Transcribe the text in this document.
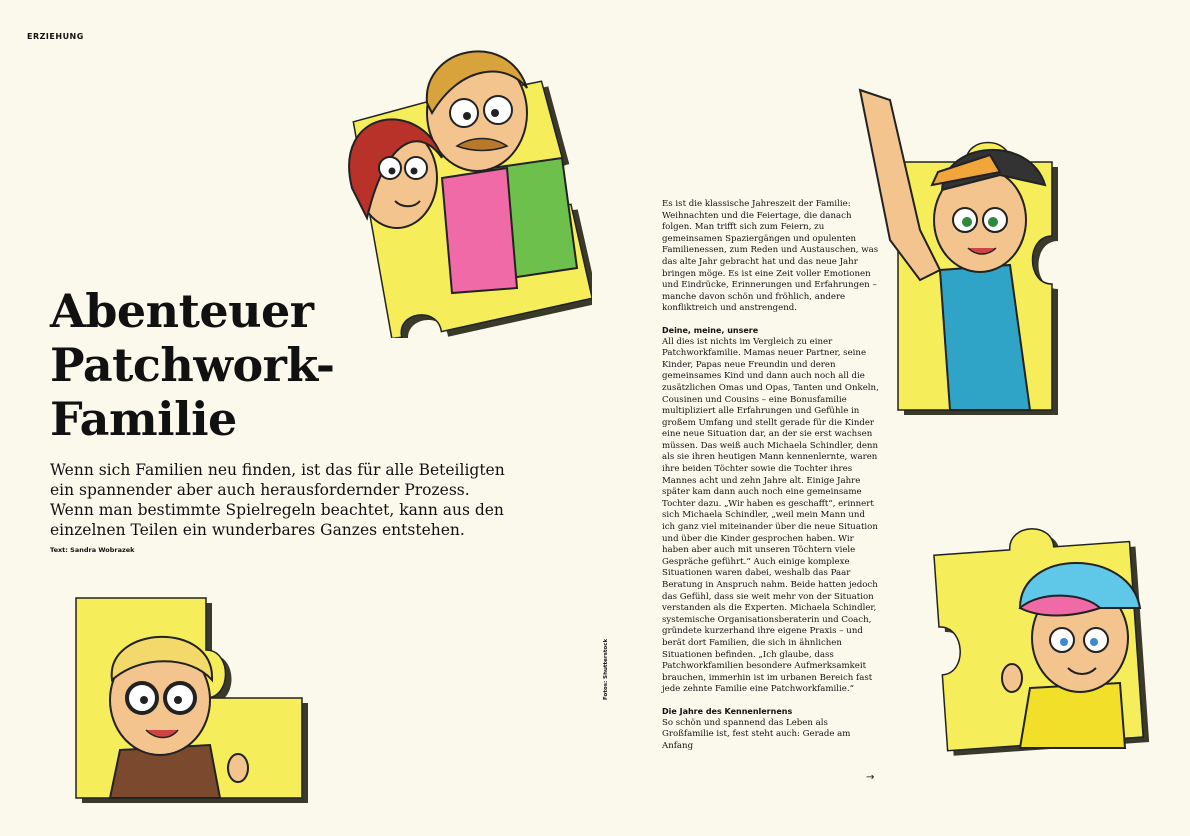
ERZIEHUNG
Abenteuer
Patchwork-
Familie

Wenn sich Familien neu finden, ist das für alle Beteiligten ein spannender aber auch herausfordernder Prozess. Wenn man bestimmte Spielregeln beachtet, kann aus den einzelnen Teilen ein wunderbares Ganzes entstehen.

Text: Sandra Wobrazek
Fotos: Shutterstock

Es ist die klassische Jahreszeit der Familie: Weihnachten und die Feiertage, die danach folgen. Man trifft sich zum Feiern, zu gemeinsamen Spaziergängen und opulenten Familienessen, zum Reden und Austauschen, was das alte Jahr gebracht hat und das neue Jahr bringen möge. Es ist eine Zeit voller Emotionen und Eindrücke, Erinnerungen und Erfahrungen – manche davon schön und fröhlich, andere konfliktreich und anstrengend.

Deine, meine, unsere

All dies ist nichts im Vergleich zu einer Patchworkfamilie. Mamas neuer Partner, seine Kinder, Papas neue Freundin und deren gemeinsames Kind und dann auch noch all die zusätzlichen Omas und Opas, Tanten und Onkeln, Cousinen und Cousins – eine Bonusfamilie multipliziert alle Erfahrungen und Gefühle in großem Umfang und stellt gerade für die Kinder eine neue Situation dar, an der sie erst wachsen müssen. Das weiß auch Michaela Schindler, denn als sie ihren heutigen Mann kennenlernte, waren ihre beiden Töchter sowie die Tochter ihres Mannes acht und zehn Jahre alt. Einige Jahre später kam dann auch noch eine gemeinsame Tochter dazu. „Wir haben es geschafft“, erinnert sich Michaela Schindler, „weil mein Mann und ich ganz viel miteinander über die neue Situation und über die Kinder gesprochen haben. Wir haben aber auch mit unseren Töchtern viele Gespräche geführt.“ Auch einige komplexe Situationen waren dabei, weshalb das Paar Beratung in Anspruch nahm. Beide hatten jedoch das Gefühl, dass sie weit mehr von der Situation verstanden als die Experten. Michaela Schindler, systemische Organisationsberaterin und Coach, gründete kurzerhand ihre eigene Praxis – und berät dort Familien, die sich in ähnlichen Situationen befinden. „Ich glaube, dass Patchworkfamilien besondere Aufmerksamkeit brauchen, immerhin ist im urbanen Bereich fast jede zehnte Familie eine Patchworkfamilie.“

Die Jahre des Kennenlernens

So schön und spannend das Leben als Großfamilie ist, fest steht auch: Gerade am Anfang

→
